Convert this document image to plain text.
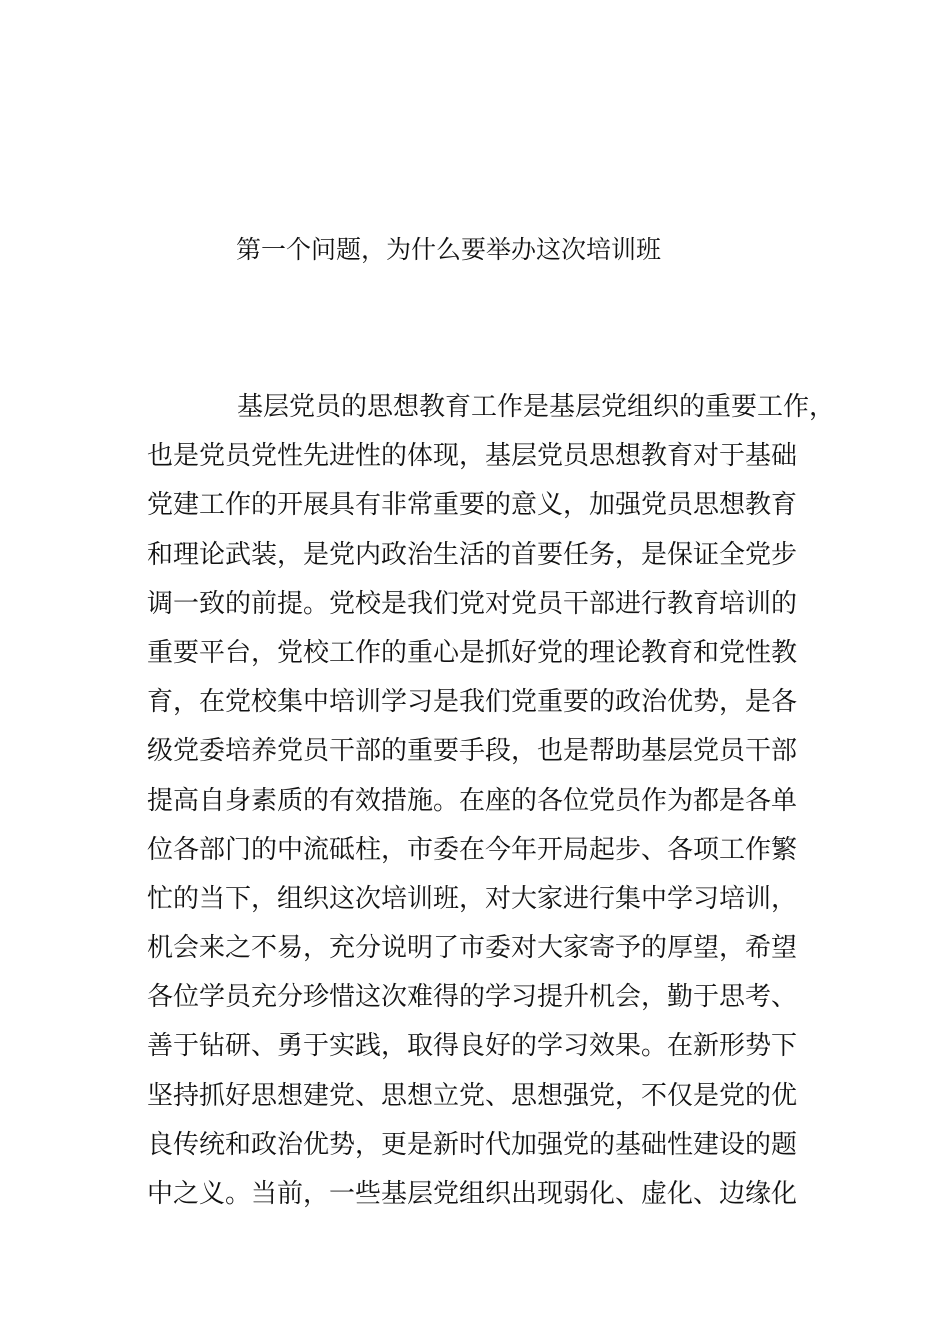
第一个问题，为什么要举办这次培训班
基层党员的思想教育工作是基层党组织的重要工作，
也是党员党性先进性的体现，基层党员思想教育对于基础
党建工作的开展具有非常重要的意义，加强党员思想教育
和理论武装，是党内政治生活的首要任务，是保证全党步
调一致的前提。党校是我们党对党员干部进行教育培训的
重要平台，党校工作的重心是抓好党的理论教育和党性教
育，在党校集中培训学习是我们党重要的政治优势，是各
级党委培养党员干部的重要手段，也是帮助基层党员干部
提高自身素质的有效措施。在座的各位党员作为都是各单
位各部门的中流砥柱，市委在今年开局起步、各项工作繁
忙的当下，组织这次培训班，对大家进行集中学习培训，
机会来之不易，充分说明了市委对大家寄予的厚望，希望
各位学员充分珍惜这次难得的学习提升机会，勤于思考、
善于钻研、勇于实践，取得良好的学习效果。在新形势下
坚持抓好思想建党、思想立党、思想强党，不仅是党的优
良传统和政治优势，更是新时代加强党的基础性建设的题
中之义。当前，一些基层党组织出现弱化、虚化、边缘化
